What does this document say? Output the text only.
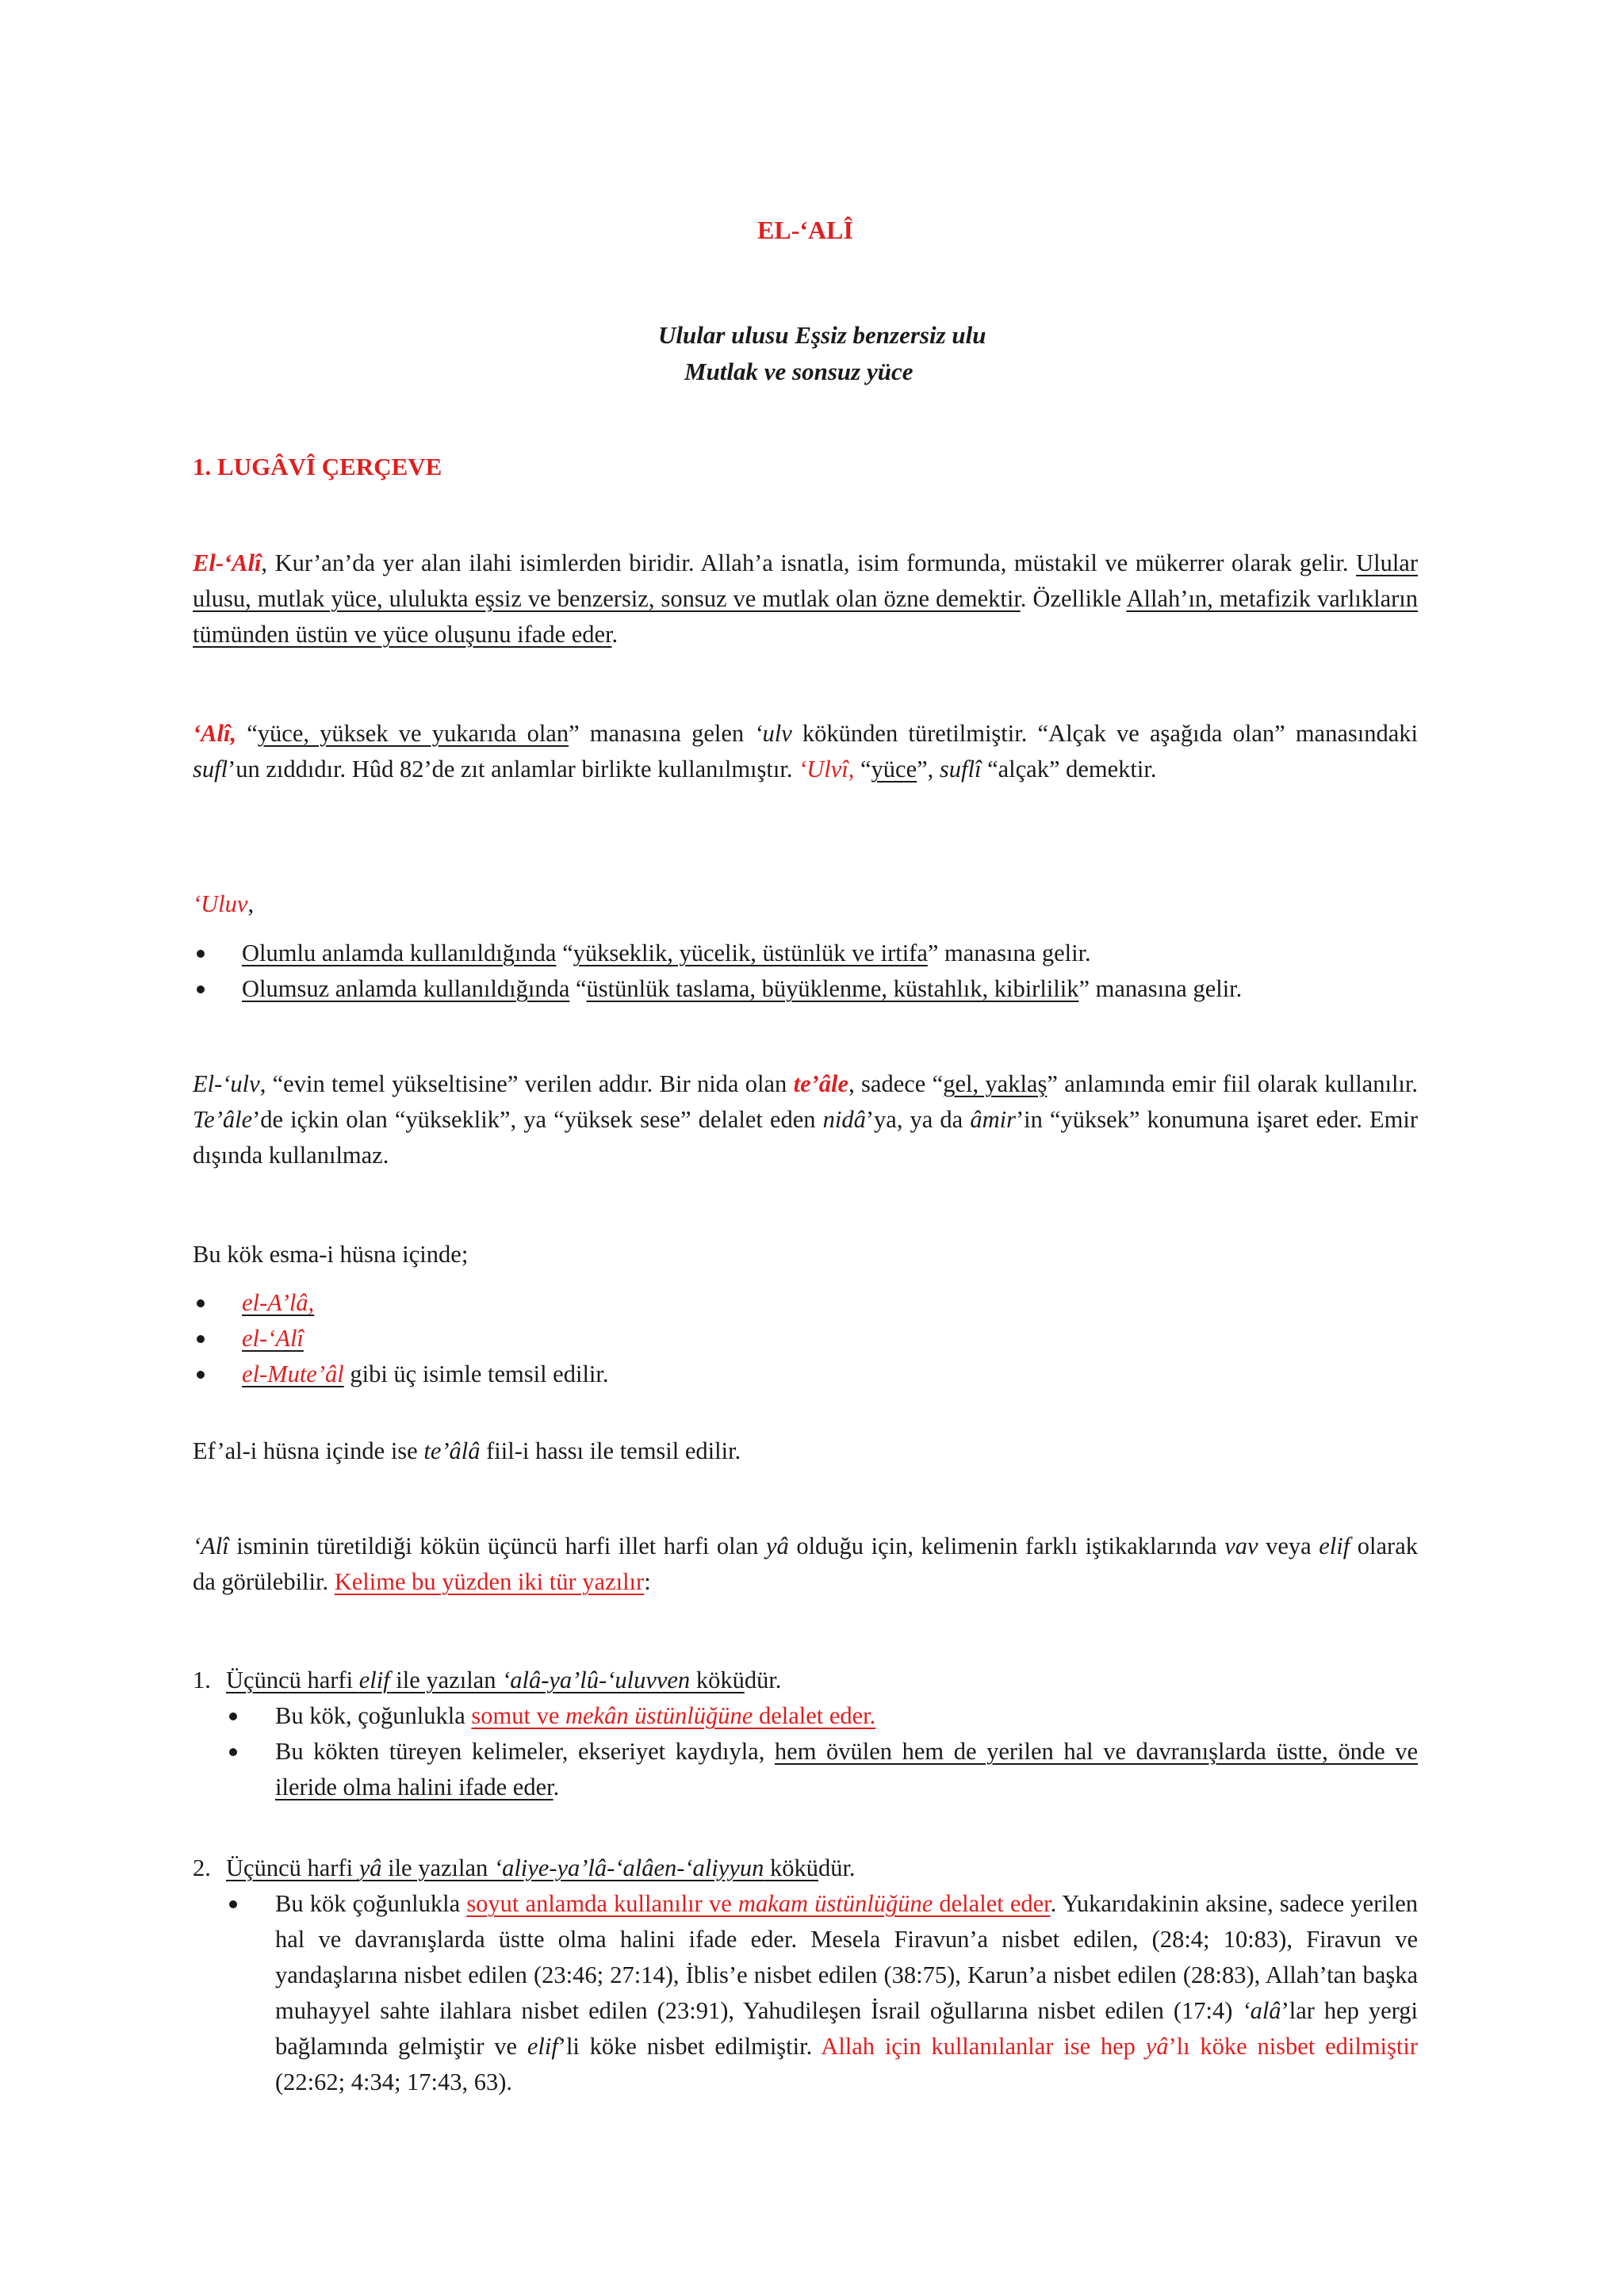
EL-‘ALÎ
Ulular ulusu Eşsiz benzersiz ulu
Mutlak ve sonsuz yüce
1. LUGÂVÎ ÇERÇEVE

El-‘Alî, Kur’an’da yer alan ilahi isimlerden biridir. Allah’a isnatla, isim formunda, müstakil ve mükerrer olarak gelir. Ulular ulusu, mutlak yüce, ululukta eşsiz ve benzersiz, sonsuz ve mutlak olan özne demektir. Özellikle Allah’ın, metafizik varlıkların tümünden üstün ve yüce oluşunu ifade eder.

‘Alî, “yüce, yüksek ve yukarıda olan” manasına gelen ‘ulv kökünden türetilmiştir. “Alçak ve aşağıda olan” manasındaki sufl’un zıddıdır. Hûd 82’de zıt anlamlar birlikte kullanılmıştır. ‘Ulvî, “yüce”, suflî “alçak” demektir.

‘Uluv,

Olumlu anlamda kullanıldığında “yükseklik, yücelik, üstünlük ve irtifa” manasına gelir.
Olumsuz anlamda kullanıldığında “üstünlük taslama, büyüklenme, küstahlık, kibirlilik” manasına gelir.

El-‘ulv, “evin temel yükseltisine” verilen addır. Bir nida olan te’âle, sadece “gel, yaklaş” anlamında emir fiil olarak kullanılır. Te’âle’de içkin olan “yükseklik”, ya “yüksek sese” delalet eden nidâ’ya, ya da âmir’in “yüksek” konumuna işaret eder. Emir dışında kullanılmaz.

Bu kök esma-i hüsna içinde;

el-A’lâ,
el-‘Alî
el-Mute’âl gibi üç isimle temsil edilir.

Ef’al-i hüsna içinde ise te’âlâ fiil-i hassı ile temsil edilir.

‘Alî isminin türetildiği kökün üçüncü harfi illet harfi olan yâ olduğu için, kelimenin farklı iştikaklarında vav veya elif olarak da görülebilir. Kelime bu yüzden iki tür yazılır:

1. Üçüncü harfi elif ile yazılan ‘alâ-ya’lû-‘uluvven köküdür.

Bu kök, çoğunlukla somut ve mekân üstünlüğüne delalet eder.
Bu kökten türeyen kelimeler, ekseriyet kaydıyla, hem övülen hem de yerilen hal ve davranışlarda üstte, önde ve ileride olma halini ifade eder.
2. Üçüncü harfi yâ ile yazılan ‘aliye-ya’lâ-‘alâen-‘aliyyun köküdür.

Bu kök çoğunlukla soyut anlamda kullanılır ve makam üstünlüğüne delalet eder. Yukarıdakinin aksine, sadece yerilen hal ve davranışlarda üstte olma halini ifade eder. Mesela Firavun’a nisbet edilen, (28:4; 10:83), Firavun ve yandaşlarına nisbet edilen (23:46; 27:14), İblis’e nisbet edilen (38:75), Karun’a nisbet edilen (28:83), Allah’tan başka muhayyel sahte ilahlara nisbet edilen (23:91), Yahudileşen İsrail oğullarına nisbet edilen (17:4) ‘alâ’lar hep yergi bağlamında gelmiştir ve elif’li köke nisbet edilmiştir. Allah için kullanılanlar ise hep yâ’lı köke nisbet edilmiştir (22:62; 4:34; 17:43, 63).
